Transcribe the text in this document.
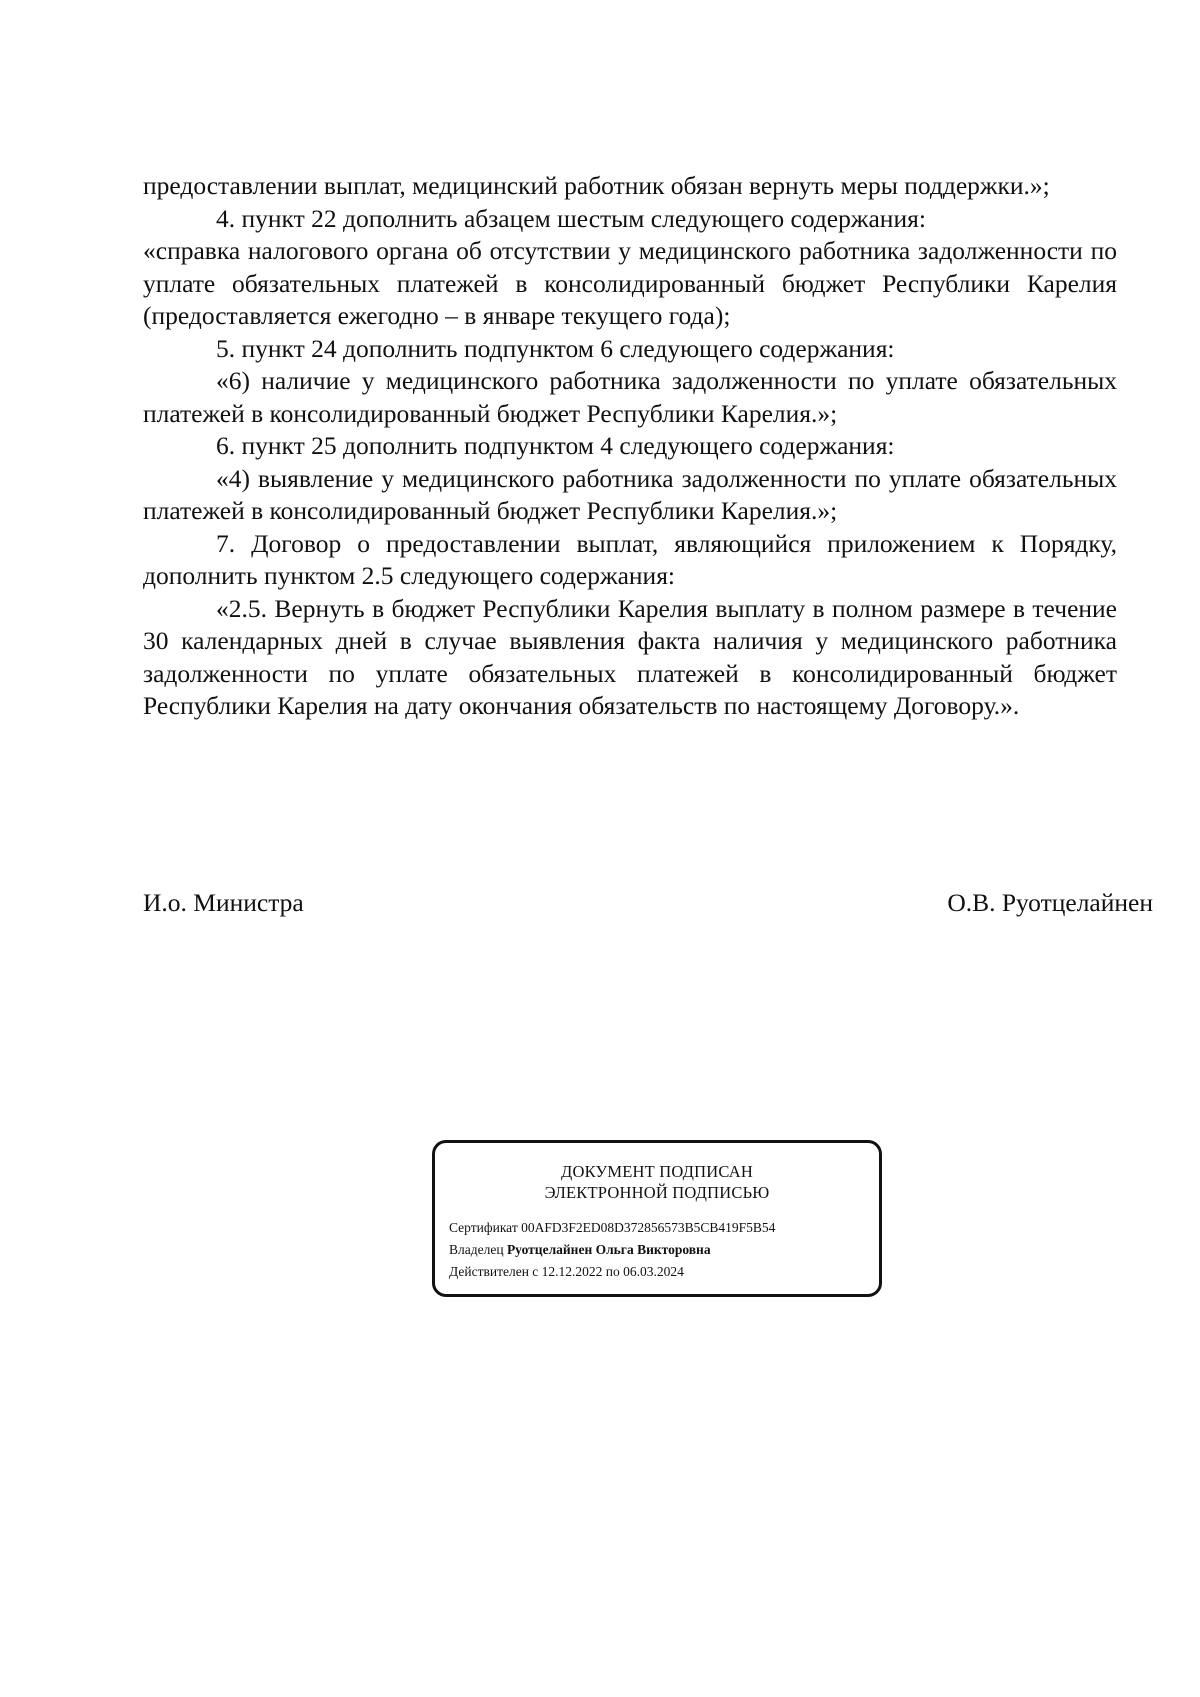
предоставлении выплат, медицинский работник обязан вернуть меры поддержки.»;

4. пункт 22 дополнить абзацем шестым следующего содержания:

«справка налогового органа об отсутствии у медицинского работника задолженности по уплате обязательных платежей в консолидированный бюджет Республики Карелия (предоставляется ежегодно – в январе текущего года);

5. пункт 24 дополнить подпунктом 6 следующего содержания:

«6) наличие у медицинского работника задолженности по уплате обязательных платежей в консолидированный бюджет Республики Карелия.»;

6. пункт 25 дополнить подпунктом 4 следующего содержания:

«4) выявление у медицинского работника задолженности по уплате обязательных платежей в консолидированный бюджет Республики Карелия.»;

7. Договор о предоставлении выплат, являющийся приложением к Порядку, дополнить пунктом 2.5 следующего содержания:

«2.5. Вернуть в бюджет Республики Карелия выплату в полном размере в течение 30 календарных дней в случае выявления факта наличия у медицинского работника задолженности по уплате обязательных платежей в консолидированный бюджет Республики Карелия на дату окончания обязательств по настоящему Договору.».

И.о. Министра	О.В. Руотцелайнен
ДОКУМЕНТ ПОДПИСАН
ЭЛЕКТРОННОЙ ПОДПИСЬЮ
Сертификат 00AFD3F2ED08D372856573B5CB419F5B54
Владелец Руотцелайнен Ольга Викторовна
Действителен с 12.12.2022 по 06.03.2024
